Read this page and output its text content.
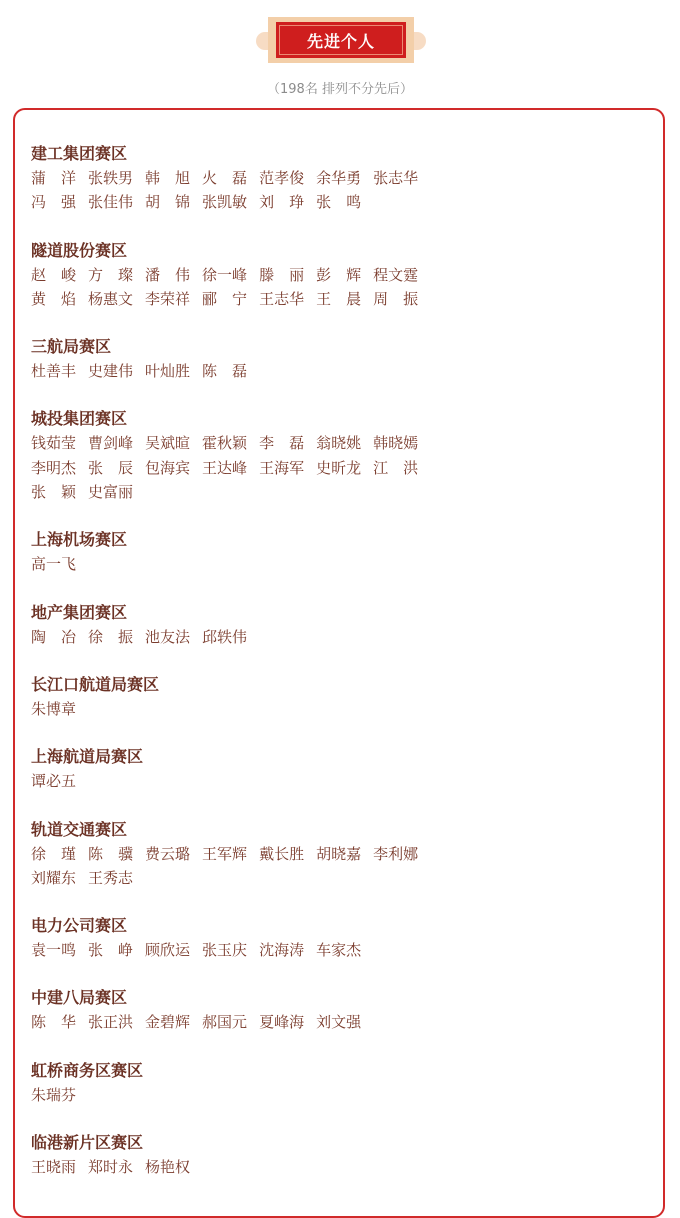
先进个人
（198名 排列不分先后）
建工集团赛区
蒲　洋 张轶男 韩　旭 火　磊 范孝俊 余华勇 张志华
冯　强 张佳伟 胡　锦 张凯敏 刘　琤 张　鸣
隧道股份赛区
赵　峻 方　璨 潘　伟 徐一峰 滕　丽 彭　辉 程文霆
黄　焰 杨惠文 李荣祥 郦　宁 王志华 王　晨 周　振
三航局赛区
杜善丰 史建伟 叶灿胜 陈　磊
城投集团赛区
钱茹莹 曹剑峰 吴斌暄 霍秋颖 李　磊 翁晓姚 韩晓嫣
李明杰 张　辰 包海宾 王达峰 王海军 史昕龙 江　洪
张　颖 史富丽
上海机场赛区
高一飞
地产集团赛区
陶　冶 徐　振 池友法 邱轶伟
长江口航道局赛区
朱博章
上海航道局赛区
谭必五
轨道交通赛区
徐　瑾 陈　骥 费云璐 王军辉 戴长胜 胡晓嘉 李利娜
刘耀东 王秀志
电力公司赛区
袁一鸣 张　峥 顾欣运 张玉庆 沈海涛 车家杰
中建八局赛区
陈　华 张正洪 金碧辉 郝国元 夏峰海 刘文强
虹桥商务区赛区
朱瑞芬
临港新片区赛区
王晓雨 郑时永 杨艳权
